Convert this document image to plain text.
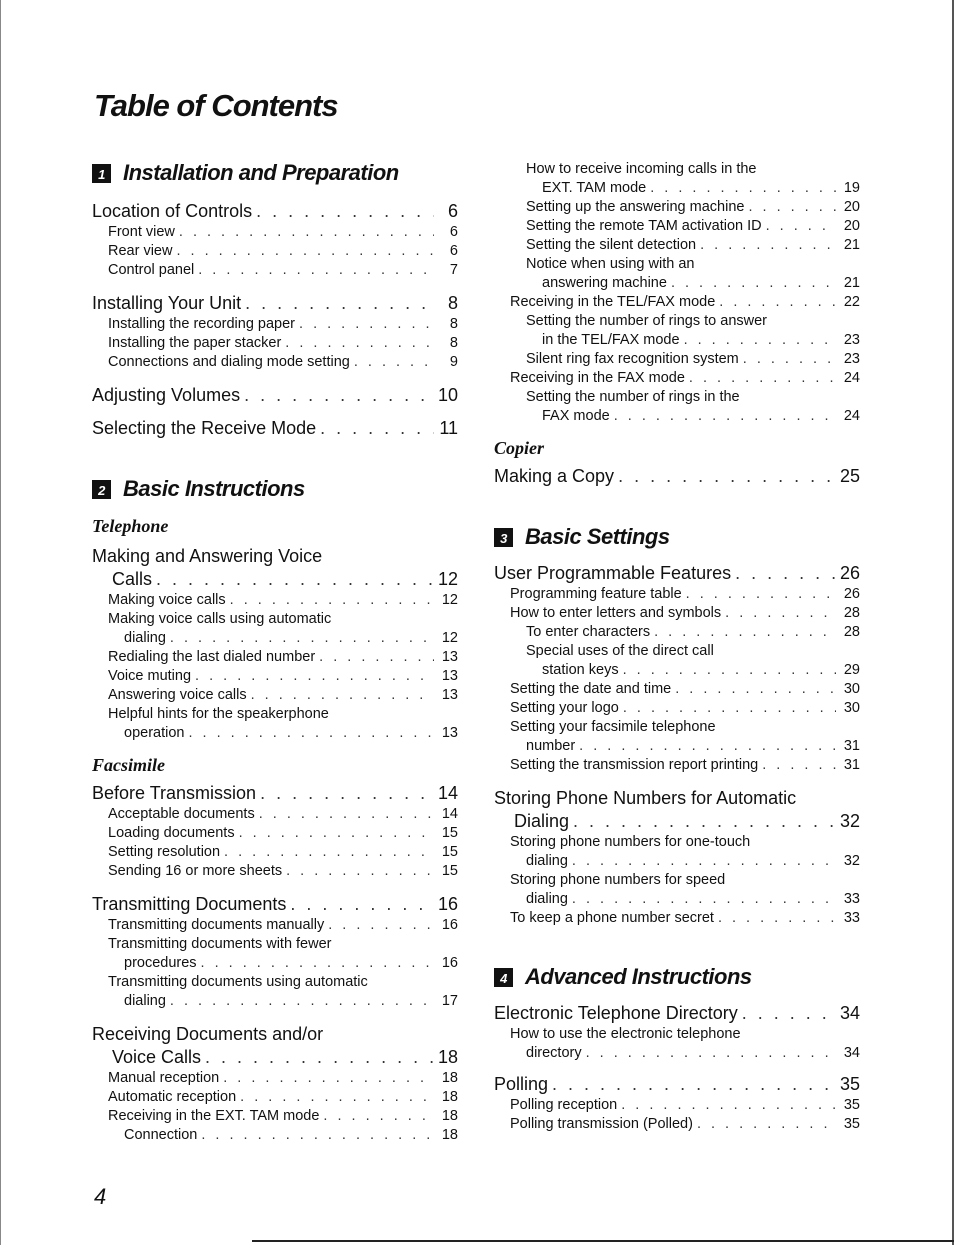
Table of Contents
1 Installation and Preparation
Location of Controls . . .	6
Front view . . .	6
Rear view . . .	6
Control panel . . .	7
Installing Your Unit . . .	8
Installing the recording paper . . .	8
Installing the paper stacker . . .	8
Connections and dialing mode setting . . .	9
Adjusting Volumes . . .	10
Selecting the Receive Mode . . .	11
2 Basic Instructions
Telephone
Making and Answering Voice
Calls . . .	12
Making voice calls . . .	12
Making voice calls using automatic
dialing . . .	12
Redialing the last dialed number . . .	13
Voice muting . . .	13
Answering voice calls . . .	13
Helpful hints for the speakerphone
operation . . .	13
Facsimile
Before Transmission . . .	14
Acceptable documents . . .	14
Loading documents . . .	15
Setting resolution . . .	15
Sending 16 or more sheets . . .	15
Transmitting Documents . . .	16
Transmitting documents manually . . .	16
Transmitting documents with fewer
procedures . . .	16
Transmitting documents using automatic
dialing . . .	17
Receiving Documents and/or
Voice Calls . . .	18
Manual reception . . .	18
Automatic reception . . .	18
Receiving in the EXT. TAM mode . . .	18
Connection . . .	18
How to receive incoming calls in the
EXT. TAM mode . . .	19
Setting up the answering machine . . .	20
Setting the remote TAM activation ID . . .	20
Setting the silent detection . . .	21
Notice when using with an
answering machine . . .	21
Receiving in the TEL/FAX mode . . .	22
Setting the number of rings to answer
in the TEL/FAX mode . . .	23
Silent ring fax recognition system . . .	23
Receiving in the FAX mode . . .	24
Setting the number of rings in the
FAX mode . . .	24
Copier
Making a Copy . . .	25
3 Basic Settings
User Programmable Features . . .	26
Programming feature table . . .	26
How to enter letters and symbols . . .	28
To enter characters . . .	28
Special uses of the direct call
station keys . . .	29
Setting the date and time . . .	30
Setting your logo . . .	30
Setting your facsimile telephone
number . . .	31
Setting the transmission report printing . . .	31
Storing Phone Numbers for Automatic
Dialing . . .	32
Storing phone numbers for one-touch
dialing . . .	32
Storing phone numbers for speed
dialing . . .	33
To keep a phone number secret . . .	33
4 Advanced Instructions
Electronic Telephone Directory . . .	34
How to use the electronic telephone
directory . . .	34
Polling . . .	35
Polling reception . . .	35
Polling transmission (Polled) . . .	35

4
